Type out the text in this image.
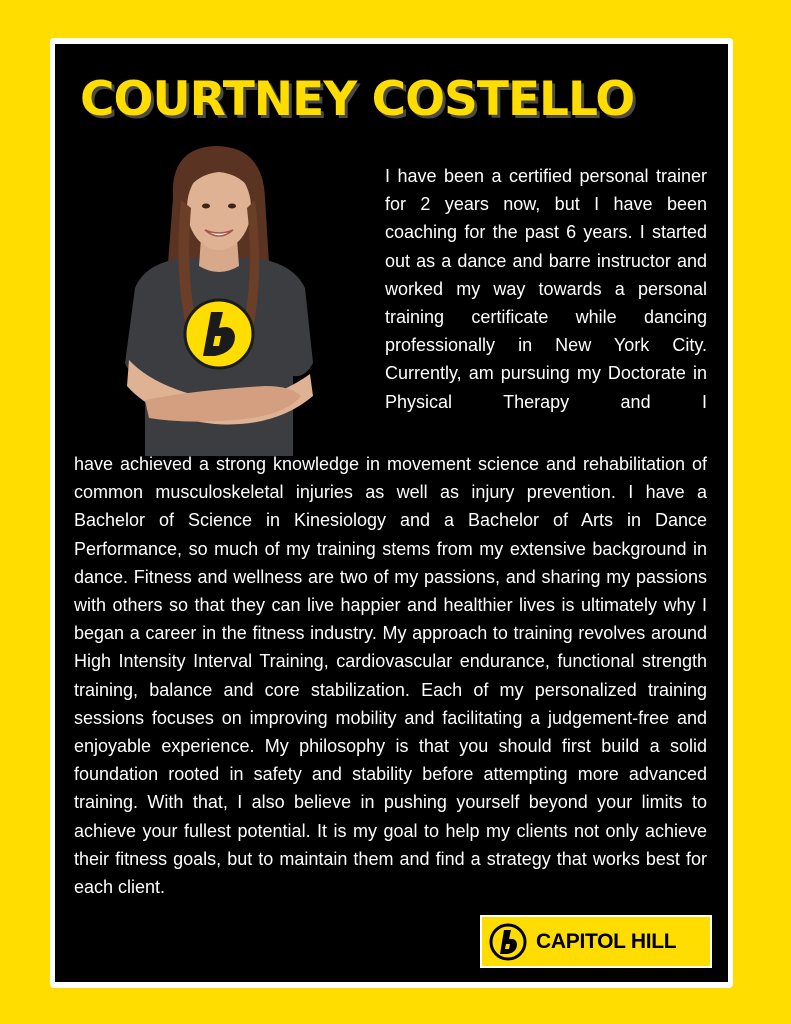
COURTNEY COSTELLO
I have been a certified personal trainer for 2 years now, but I have been coaching for the past 6 years. I started out as a dance and barre instructor and worked my way towards a personal training certificate while dancing professionally in New York City. Currently, am pursuing my Doctorate in Physical Therapy and I

have achieved a strong knowledge in movement science and rehabilitation of common musculoskeletal injuries as well as injury prevention. I have a Bachelor of Science in Kinesiology and a Bachelor of Arts in Dance Performance, so much of my training stems from my extensive background in dance. Fitness and wellness are two of my passions, and sharing my passions with others so that they can live happier and healthier lives is ultimately why I began a career in the fitness industry. My approach to training revolves around High Intensity Interval Training, cardiovascular endurance, functional strength training, balance and core stabilization. Each of my personalized training sessions focuses on improving mobility and facilitating a judgement-free and enjoyable experience. My philosophy is that you should first build a solid foundation rooted in safety and stability before attempting more advanced training. With that, I also believe in pushing yourself beyond your limits to achieve your fullest potential. It is my goal to help my clients not only achieve their fitness goals, but to maintain them and find a strategy that works best for each client.

CAPITOL HILL
